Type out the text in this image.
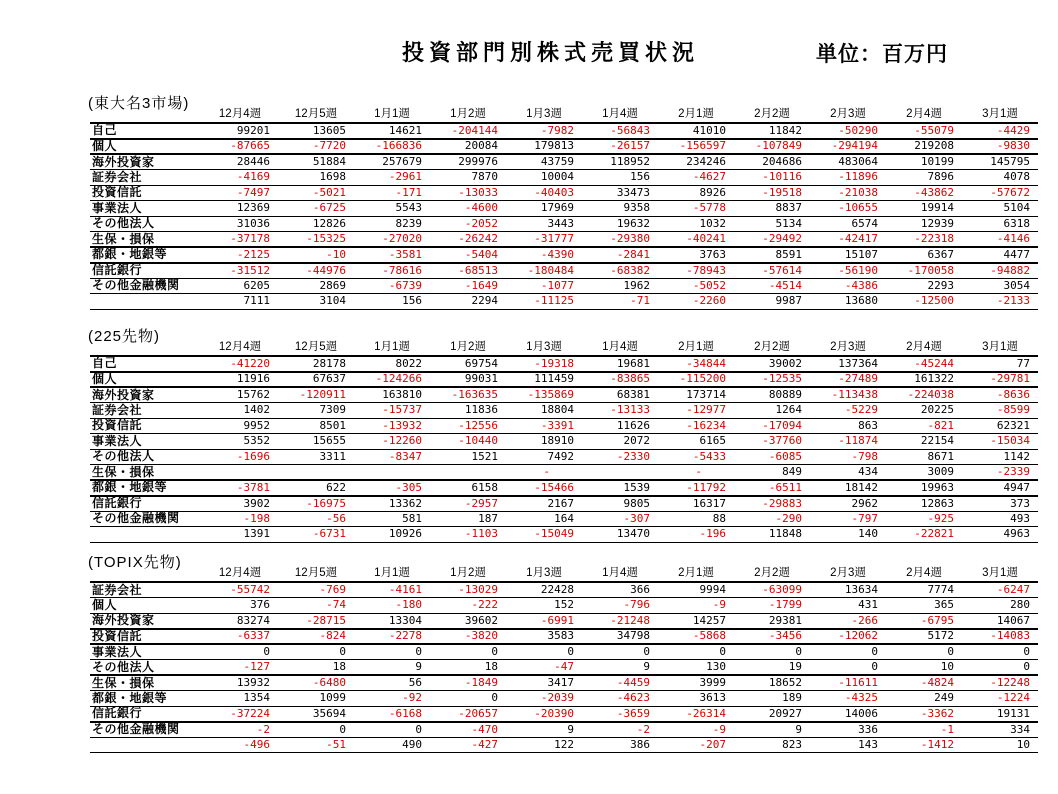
投資部門別株式売買状況	単位：百万円
(東大名3市場)
	12月4週	12月5週	1月1週	1月2週	1月3週	1月4週	2月1週	2月2週	2月3週	2月4週	3月1週
自己	99201	13605	14621	-204144	-7982	-56843	41010	11842	-50290	-55079	-4429
個人	-87665	-7720	-166836	20084	179813	-26157	-156597	-107849	-294194	219208	-9830
海外投資家	28446	51884	257679	299976	43759	118952	234246	204686	483064	10199	145795
証券会社	-4169	1698	-2961	7870	10004	156	-4627	-10116	-11896	7896	4078
投資信託	-7497	-5021	-171	-13033	-40403	33473	8926	-19518	-21038	-43862	-57672
事業法人	12369	-6725	5543	-4600	17969	9358	-5778	8837	-10655	19914	5104
その他法人	31036	12826	8239	-2052	3443	19632	1032	5134	6574	12939	6318
生保・損保	-37178	-15325	-27020	-26242	-31777	-29380	-40241	-29492	-42417	-22318	-4146
都銀・地銀等	-2125	-10	-3581	-5404	-4390	-2841	3763	8591	15107	6367	4477
信託銀行	-31512	-44976	-78616	-68513	-180484	-68382	-78943	-57614	-56190	-170058	-94882
その他金融機関	6205	2869	-6739	-1649	-1077	1962	-5052	-4514	-4386	2293	3054
	7111	3104	156	2294	-11125	-71	-2260	9987	13680	-12500	-2133
(225先物)
	12月4週	12月5週	1月1週	1月2週	1月3週	1月4週	2月1週	2月2週	2月3週	2月4週	3月1週
自己	-41220	28178	8022	69754	-19318	19681	-34844	39002	137364	-45244	77
個人	11916	67637	-124266	99031	111459	-83865	-115200	-12535	-27489	161322	-29781
海外投資家	15762	-120911	163810	-163635	-135869	68381	173714	80889	-113438	-224038	-8636
証券会社	1402	7309	-15737	11836	18804	-13133	-12977	1264	-5229	20225	-8599
投資信託	9952	8501	-13932	-12556	-3391	11626	-16234	-17094	863	-821	62321
事業法人	5352	15655	-12260	-10440	18910	2072	6165	-37760	-11874	22154	-15034
その他法人	-1696	3311	-8347	1521	7492	-2330	-5433	-6085	-798	8671	1142
生保・損保					-		-	849	434	3009	-2339
都銀・地銀等	-3781	622	-305	6158	-15466	1539	-11792	-6511	18142	19963	4947
信託銀行	3902	-16975	13362	-2957	2167	9805	16317	-29883	2962	12863	373
その他金融機関	-198	-56	581	187	164	-307	88	-290	-797	-925	493
	1391	-6731	10926	-1103	-15049	13470	-196	11848	140	-22821	4963
(TOPIX先物)
	12月4週	12月5週	1月1週	1月2週	1月3週	1月4週	2月1週	2月2週	2月3週	2月4週	3月1週
証券会社	-55742	-769	-4161	-13029	22428	366	9994	-63099	13634	7774	-6247
個人	376	-74	-180	-222	152	-796	-9	-1799	431	365	280
海外投資家	83274	-28715	13304	39602	-6991	-21248	14257	29381	-266	-6795	14067
投資信託	-6337	-824	-2278	-3820	3583	34798	-5868	-3456	-12062	5172	-14083
事業法人	0	0	0	0	0	0	0	0	0	0	0
その他法人	-127	18	9	18	-47	9	130	19	0	10	0
生保・損保	13932	-6480	56	-1849	3417	-4459	3999	18652	-11611	-4824	-12248
都銀・地銀等	1354	1099	-92	0	-2039	-4623	3613	189	-4325	249	-1224
信託銀行	-37224	35694	-6168	-20657	-20390	-3659	-26314	20927	14006	-3362	19131
その他金融機関	-2	0	0	-470	9	-2	-9	9	336	-1	334
	-496	-51	490	-427	122	386	-207	823	143	-1412	10
